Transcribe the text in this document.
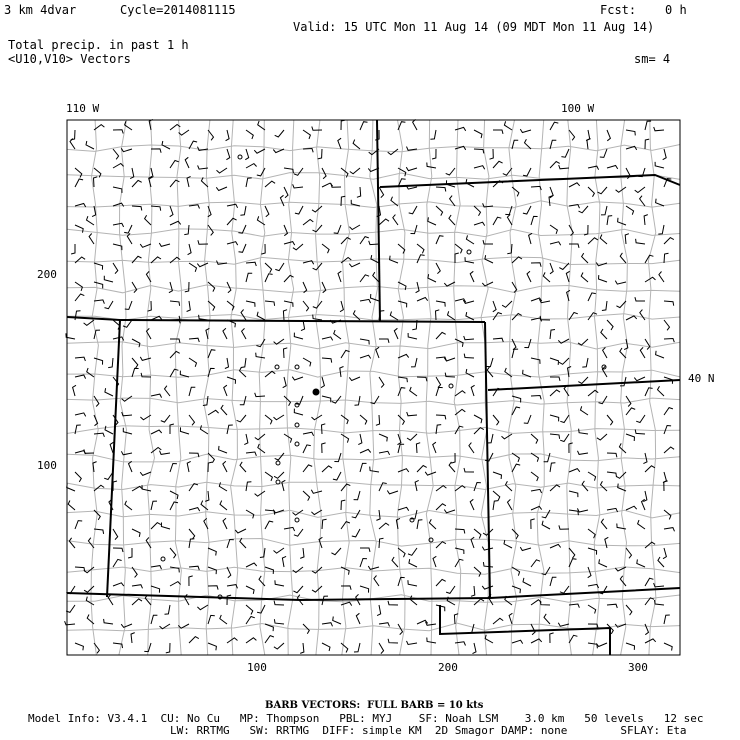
3 km 4dvar	Cycle=2014081115	Fcst:    0 h
Valid: 15 UTC Mon 11 Aug 14 (09 MDT Mon 11 Aug 14)
Total precip. in past 1 h
<U10,V10> Vectors	sm= 4
110 W	100 W
40 N
200
100
100	200	300
BARB VECTORS:  FULL BARB = 10 kts
Model Info: V3.4.1  CU: No Cu   MP: Thompson   PBL: MYJ    SF: Noah LSM    3.0 km   50 levels   12 sec
LW: RRTMG   SW: RRTMG  DIFF: simple KM  2D Smagor DAMP: none        SFLAY: Eta
